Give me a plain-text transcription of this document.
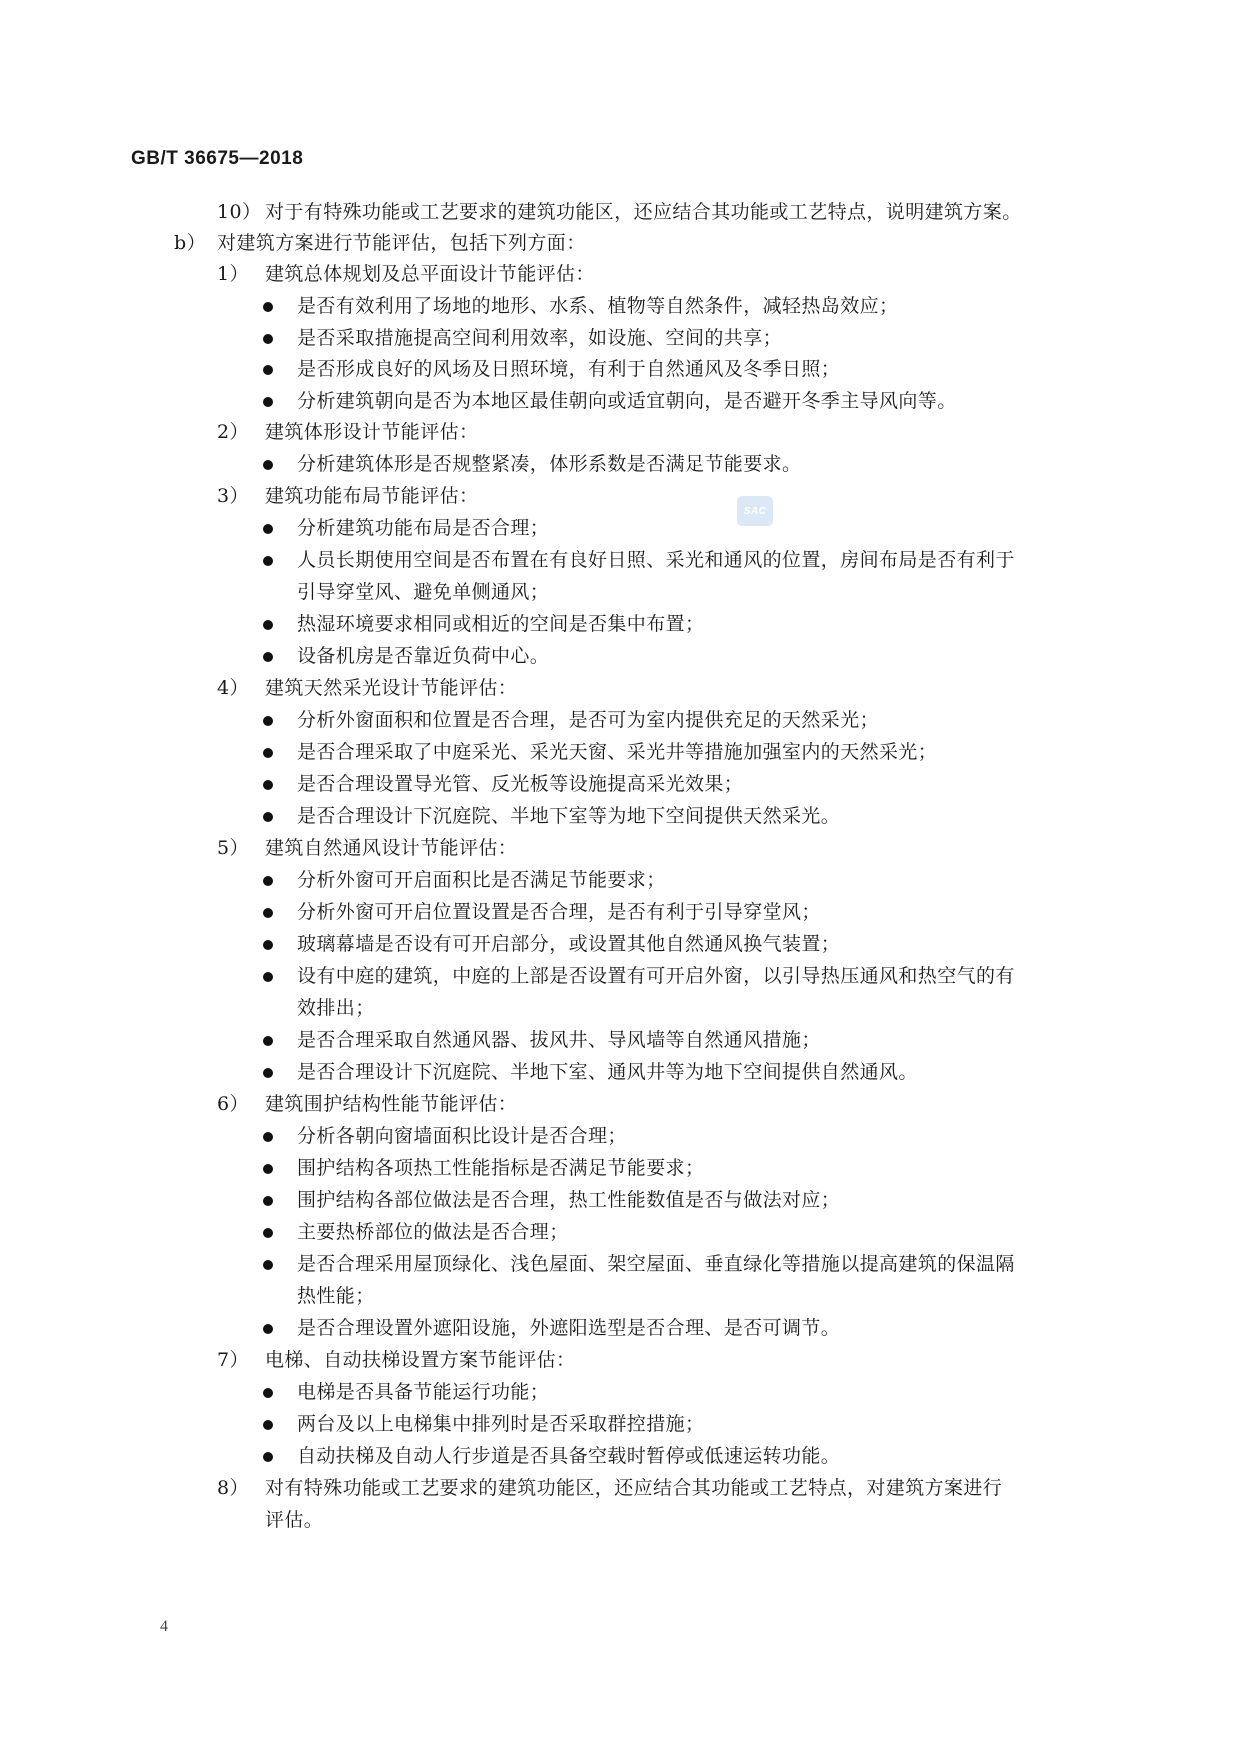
GB/T 36675—2018
SAC
10） 对于有特殊功能或工艺要求的建筑功能区，还应结合其功能或工艺特点，说明建筑方案。
b） 对建筑方案进行节能评估，包括下列方面：
1） 建筑总体规划及总平面设计节能评估：
是否有效利用了场地的地形、水系、植物等自然条件，减轻热岛效应；
是否采取措施提高空间利用效率，如设施、空间的共享；
是否形成良好的风场及日照环境，有利于自然通风及冬季日照；
分析建筑朝向是否为本地区最佳朝向或适宜朝向，是否避开冬季主导风向等。
2） 建筑体形设计节能评估：
分析建筑体形是否规整紧凑，体形系数是否满足节能要求。
3） 建筑功能布局节能评估：
分析建筑功能布局是否合理；
人员长期使用空间是否布置在有良好日照、采光和通风的位置，房间布局是否有利于
引导穿堂风、避免单侧通风；
热湿环境要求相同或相近的空间是否集中布置；
设备机房是否靠近负荷中心。
4） 建筑天然采光设计节能评估：
分析外窗面积和位置是否合理，是否可为室内提供充足的天然采光；
是否合理采取了中庭采光、采光天窗、采光井等措施加强室内的天然采光；
是否合理设置导光管、反光板等设施提高采光效果；
是否合理设计下沉庭院、半地下室等为地下空间提供天然采光。
5） 建筑自然通风设计节能评估：
分析外窗可开启面积比是否满足节能要求；
分析外窗可开启位置设置是否合理，是否有利于引导穿堂风；
玻璃幕墙是否设有可开启部分，或设置其他自然通风换气装置；
设有中庭的建筑，中庭的上部是否设置有可开启外窗，以引导热压通风和热空气的有
效排出；
是否合理采取自然通风器、拔风井、导风墙等自然通风措施；
是否合理设计下沉庭院、半地下室、通风井等为地下空间提供自然通风。
6） 建筑围护结构性能节能评估：
分析各朝向窗墙面积比设计是否合理；
围护结构各项热工性能指标是否满足节能要求；
围护结构各部位做法是否合理，热工性能数值是否与做法对应；
主要热桥部位的做法是否合理；
是否合理采用屋顶绿化、浅色屋面、架空屋面、垂直绿化等措施以提高建筑的保温隔
热性能；
是否合理设置外遮阳设施，外遮阳选型是否合理、是否可调节。
7） 电梯、自动扶梯设置方案节能评估：
电梯是否具备节能运行功能；
两台及以上电梯集中排列时是否采取群控措施；
自动扶梯及自动人行步道是否具备空载时暂停或低速运转功能。
8） 对有特殊功能或工艺要求的建筑功能区，还应结合其功能或工艺特点，对建筑方案进行
评估。
4
